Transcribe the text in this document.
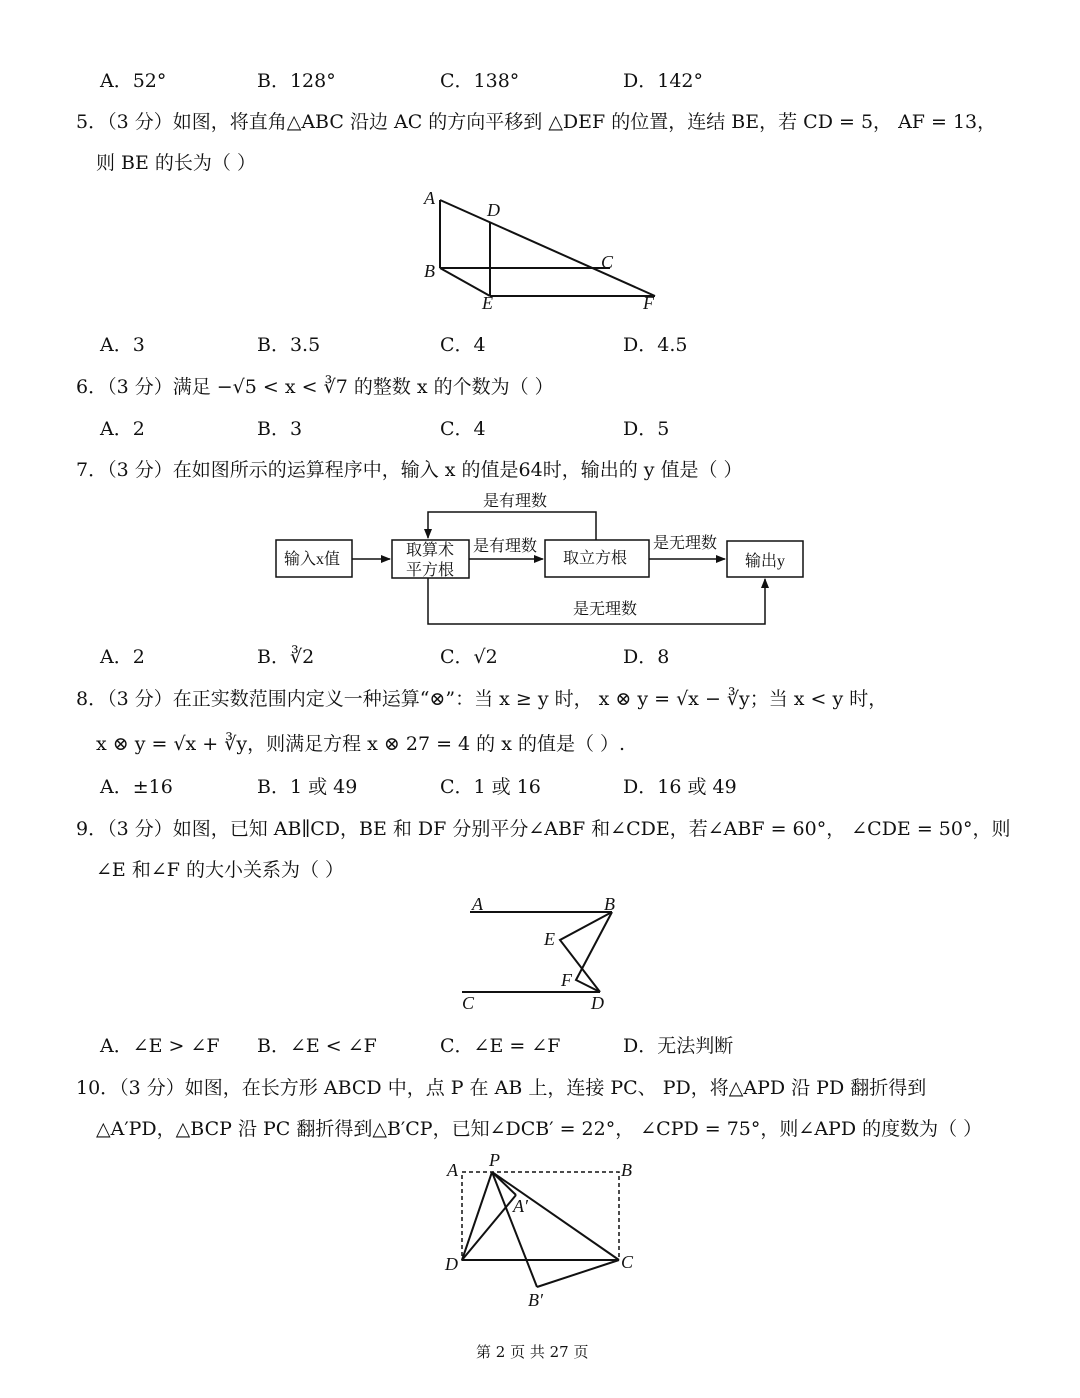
A．52°	B．128°	C．138°	D．142°
5．（3 分）如图，将直角△ABC 沿边 AC 的方向平移到 △DEF 的位置，连结 BE，若 CD = 5， AF = 13，
则 BE 的长为（ ）
A
D
B	C
E	F
A．3	B．3.5	C．4	D．4.5
6．（3 分）满足 −√5 < x < ∛7 的整数 x 的个数为（ ）
A．2	B．3	C．4	D．5
7．（3 分）在如图所示的运算程序中，输入 x 的值是64时，输出的 y 值是（ ）
输入x值
取算术
平方根
取立方根	输出y
是有理数
是有理数	是无理数
是无理数
A．2	B．∛2	C．√2	D．8
8．（3 分）在正实数范围内定义一种运算“⊗”：当 x ≥ y 时， x ⊗ y = √x − ∛y；当 x < y 时，
x ⊗ y = √x + ∛y，则满足方程 x ⊗ 27 = 4 的 x 的值是（ ）.
A．±16	B．1 或 49	C．1 或 16	D．16 或 49
9．（3 分）如图，已知 AB∥CD，BE 和 DF 分别平分∠ABF 和∠CDE，若∠ABF = 60°， ∠CDE = 50°，则
∠E 和∠F 的大小关系为（ ）
A	B
E
F
C	D
A．∠E > ∠F B．∠E < ∠F	C．∠E = ∠F	D．无法判断
10．（3 分）如图，在长方形 ABCD 中，点 P 在 AB 上，连接 PC、 PD，将△APD 沿 PD 翻折得到
△A′PD，△BCP 沿 PC 翻折得到△B′CP，已知∠DCB′ = 22°， ∠CPD = 75°，则∠APD 的度数为（ ）
A P	B
A′
D	C
B′
第 2 页 共 27 页
